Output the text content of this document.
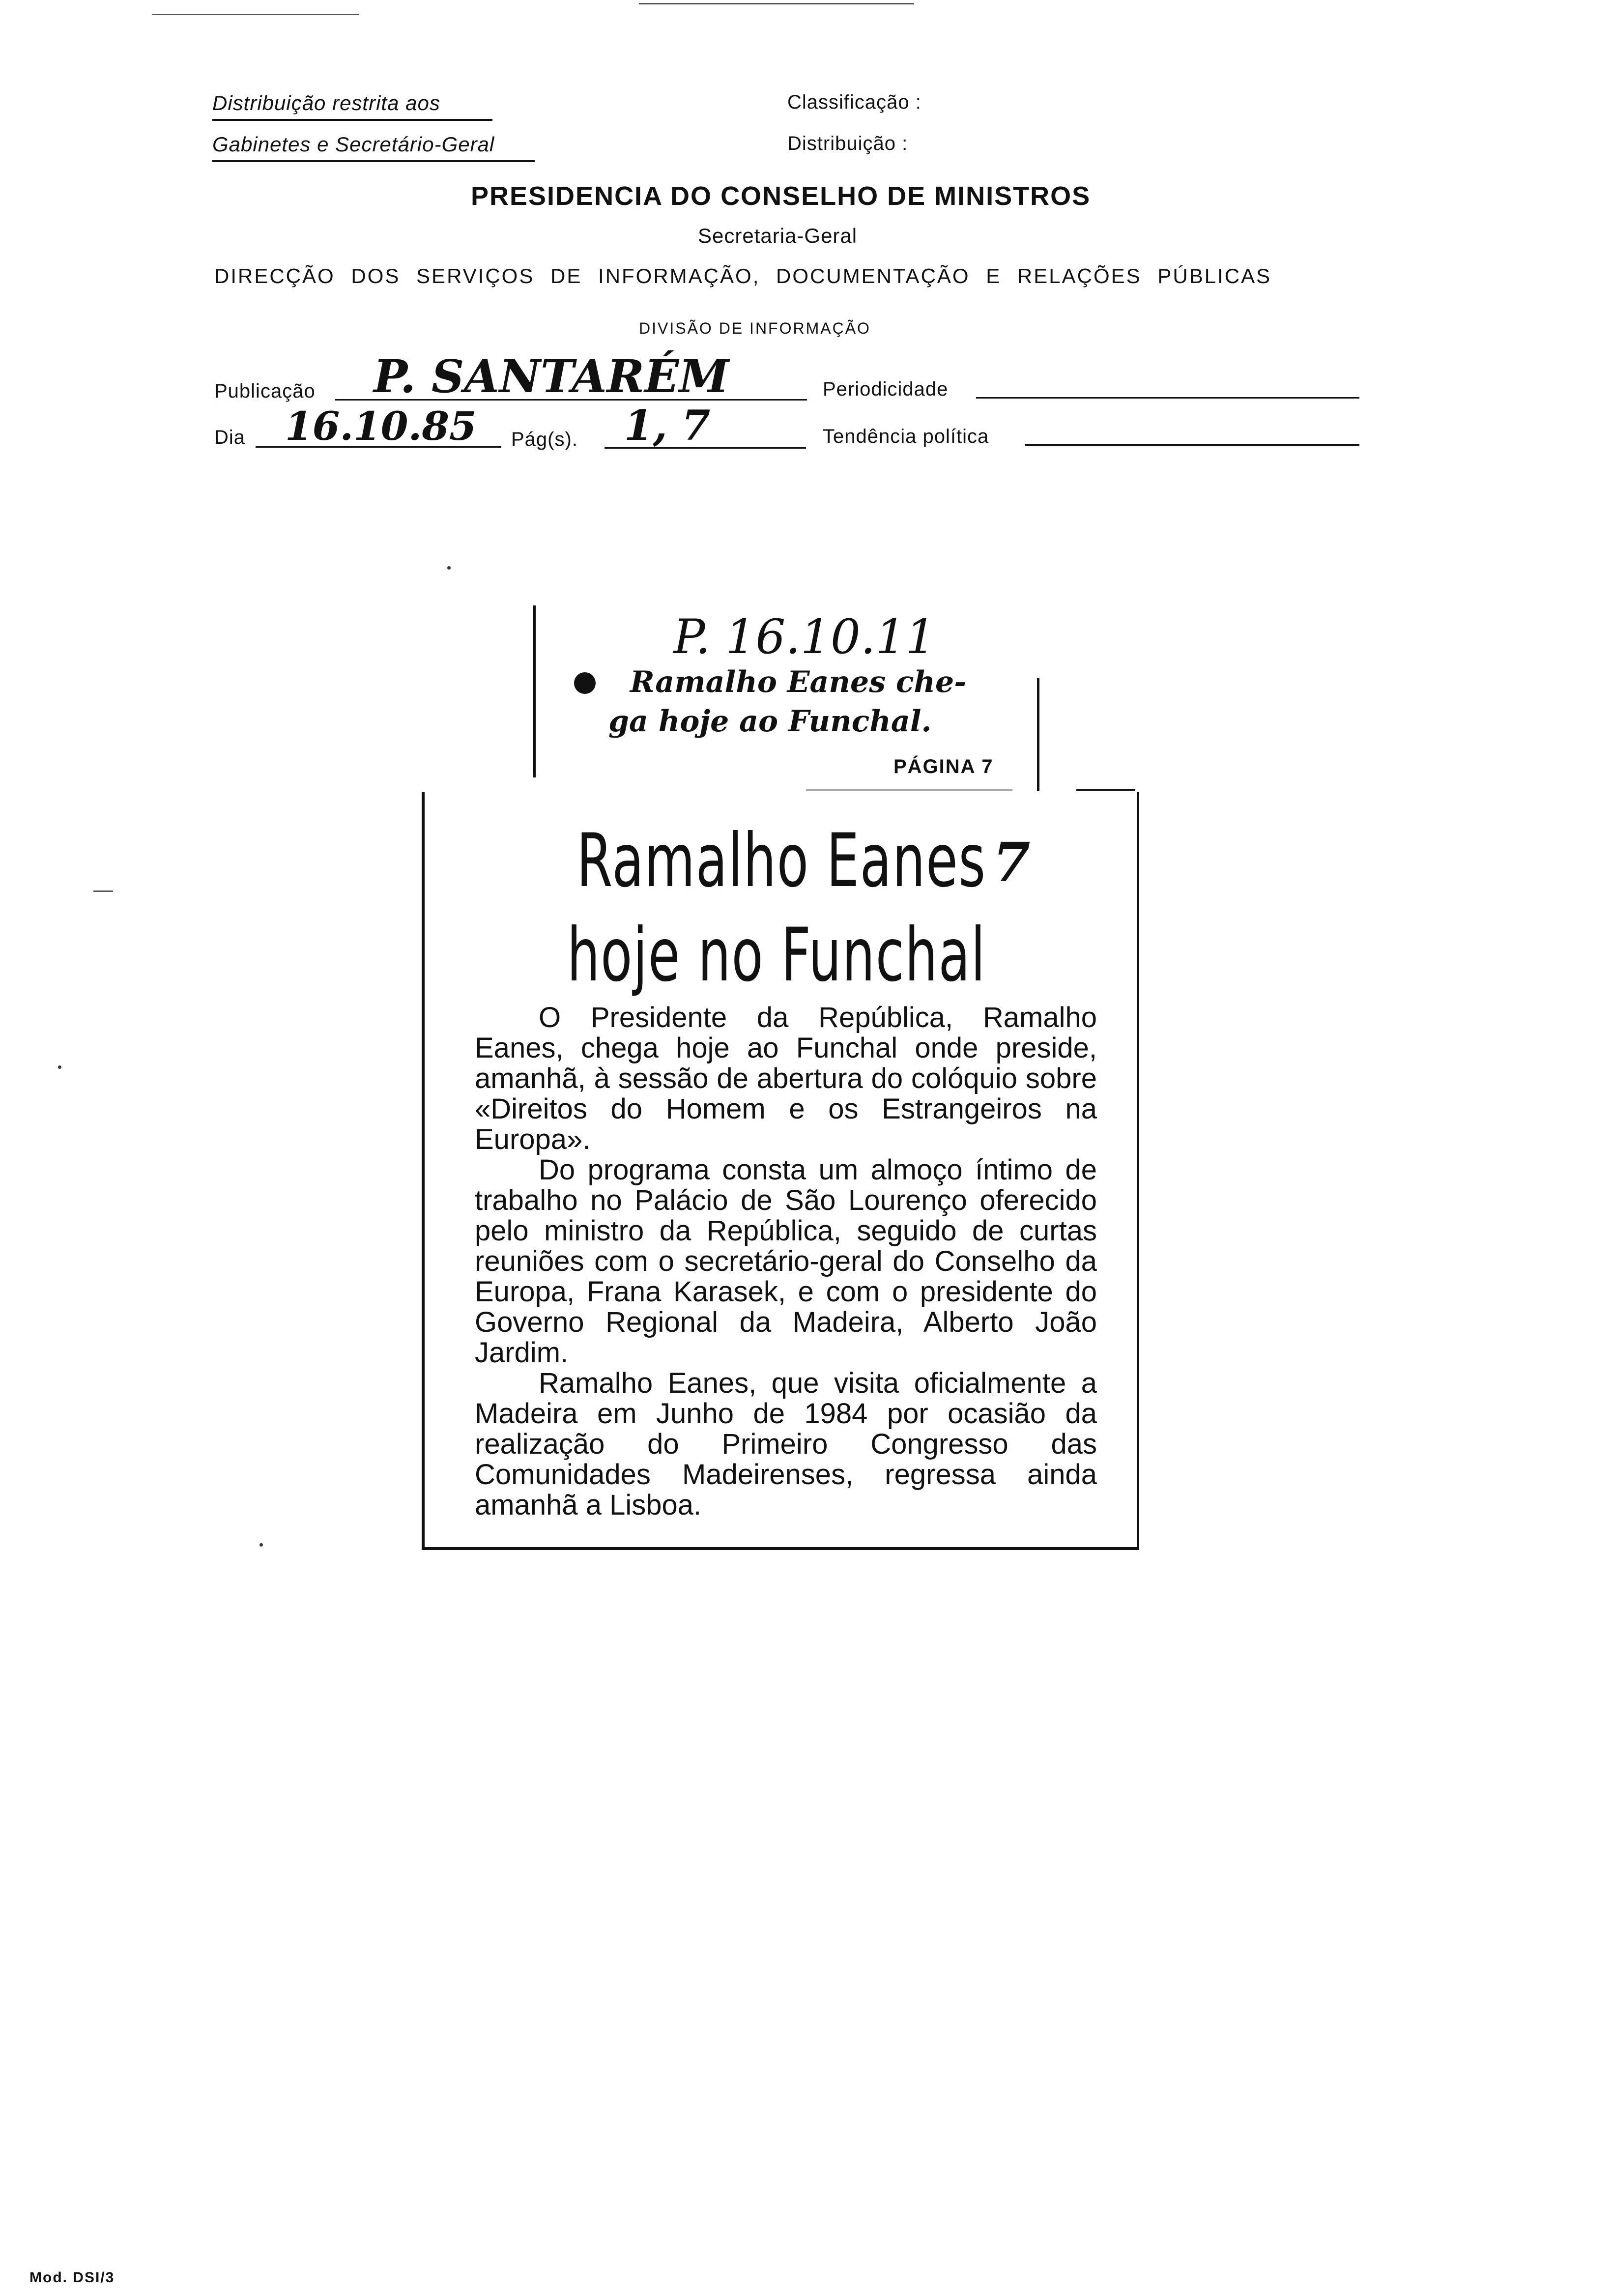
Distribuição restrita aos
Gabinetes e Secretário-Geral
Classificação :
Distribuição :
PRESIDENCIA DO CONSELHO DE MINISTROS
Secretaria-Geral
DIRECÇÃO DOS SERVIÇOS DE INFORMAÇÃO, DOCUMENTAÇÃO E RELAÇÕES PÚBLICAS
DIVISÃO DE INFORMAÇÃO
Publicação P. SANTARÉM	Periodicidade
Dia 16.10.85 Pág(s). 1, 7	Tendência política
P. 16.10.11
Ramalho Eanes che-
ga hoje ao Funchal.
PÁGINA 7
Ramalho Eanes
hoje no Funchal
7

O Presidente da República, Ramalho Eanes, chega hoje ao Funchal onde preside, amanhã, à sessão de abertura do colóquio sobre «Direitos do Homem e os Estrangeiros na Europa».

Do programa consta um almoço íntimo de trabalho no Palácio de São Lourenço oferecido pelo ministro da República, seguido de curtas reuniões com o secretário-geral do Conselho da Europa, Frana Karasek, e com o presidente do Governo Regional da Madeira, Alberto João Jardim.

Ramalho Eanes, que visita oficialmente a Madeira em Junho de 1984 por ocasião da realização do Primeiro Congresso das Comunidades Madeirenses, regressa ainda amanhã a Lisboa.

Mod. DSI/3
